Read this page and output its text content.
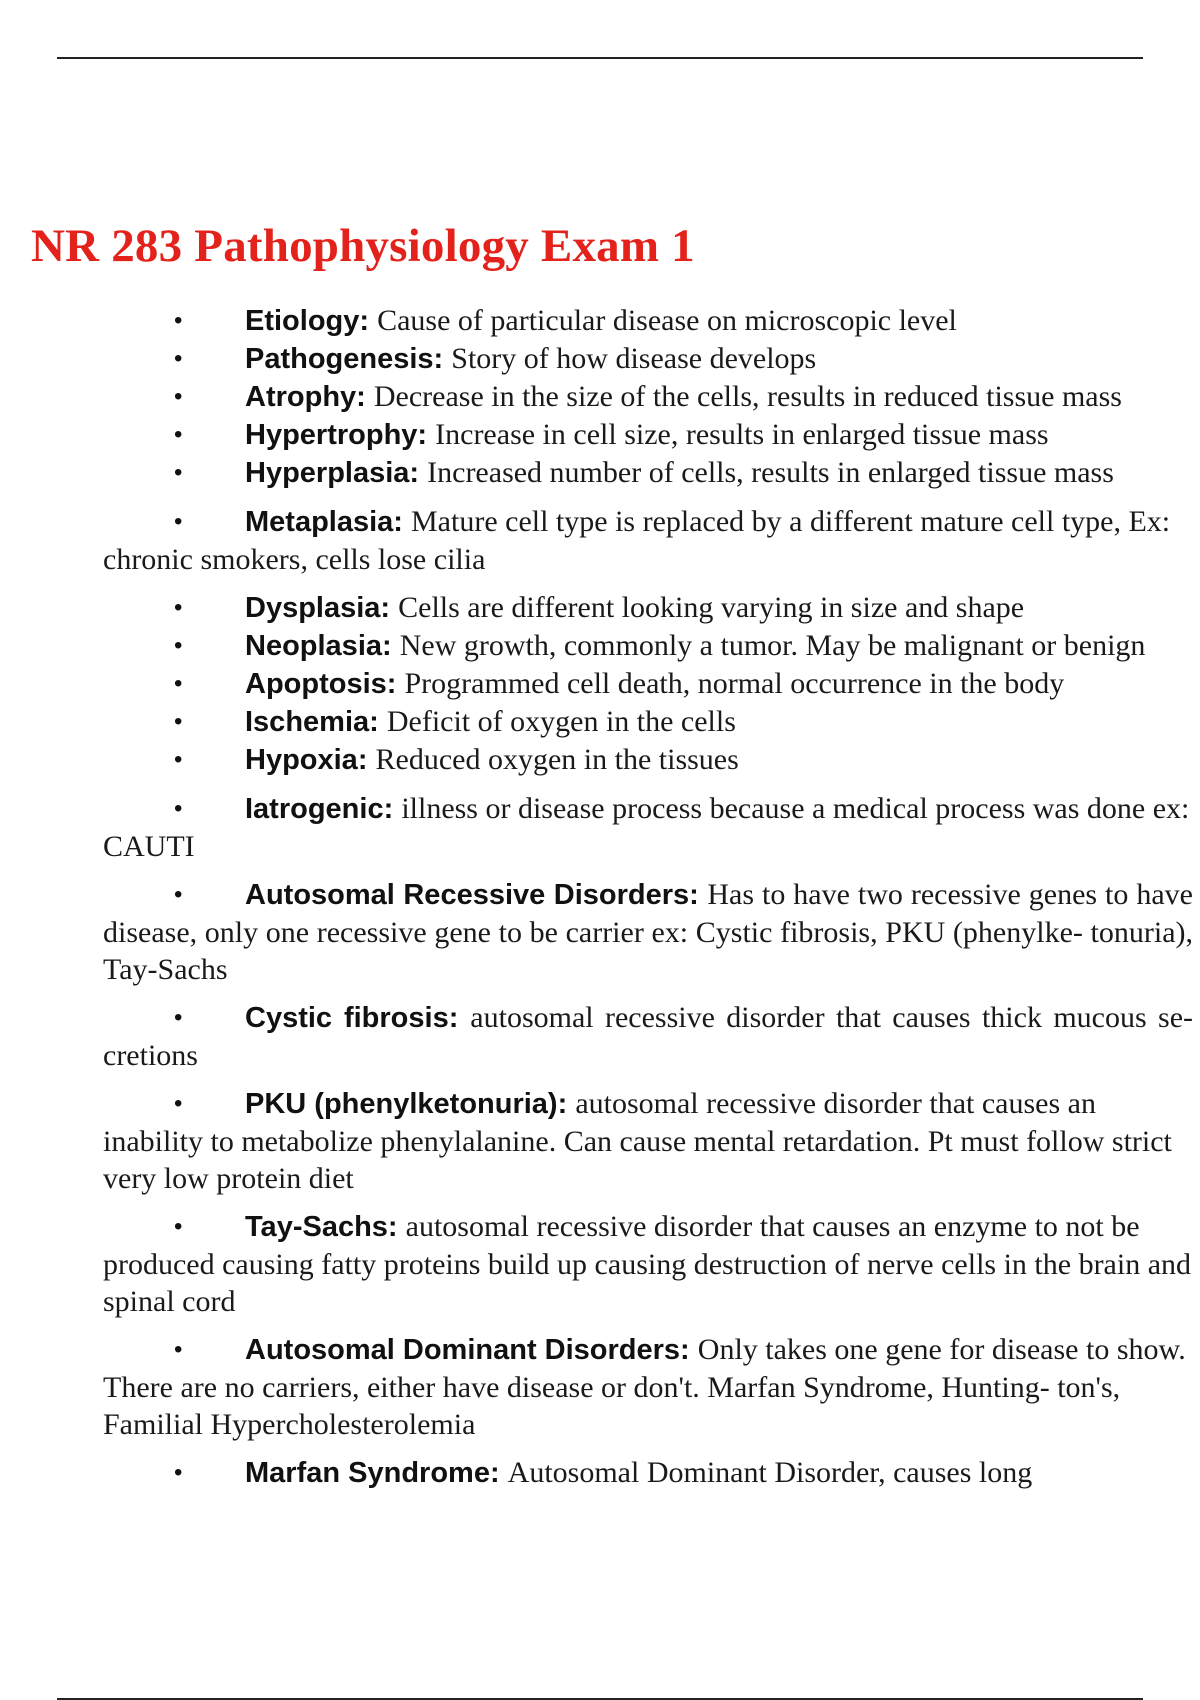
NR 283 Pathophysiology Exam 1
• Etiology: Cause of particular disease on microscopic level
• Pathogenesis: Story of how disease develops
• Atrophy: Decrease in the size of the cells, results in reduced tissue mass
• Hypertrophy: Increase in cell size, results in enlarged tissue mass
• Hyperplasia: Increased number of cells, results in enlarged tissue mass
• Metaplasia: Mature cell type is replaced by a different mature cell type, Ex: chronic smokers, cells lose cilia
• Dysplasia: Cells are different looking varying in size and shape
• Neoplasia: New growth, commonly a tumor. May be malignant or benign
• Apoptosis: Programmed cell death, normal occurrence in the body
• Ischemia: Deficit of oxygen in the cells
• Hypoxia: Reduced oxygen in the tissues
• Iatrogenic: illness or disease process because a medical process was done ex: CAUTI
• Autosomal Recessive Disorders: Has to have two recessive genes to have disease, only one recessive gene to be carrier ex: Cystic fibrosis, PKU (phenylke- tonuria), Tay-Sachs
• Cystic fibrosis: autosomal recessive disorder that causes thick mucous se- cretions
• PKU (phenylketonuria): autosomal recessive disorder that causes an inability to metabolize phenylalanine. Can cause mental retardation. Pt must follow strict very low protein diet
• Tay-Sachs: autosomal recessive disorder that causes an enzyme to not be produced causing fatty proteins build up causing destruction of nerve cells in the brain and spinal cord
• Autosomal Dominant Disorders: Only takes one gene for disease to show. There are no carriers, either have disease or don't. Marfan Syndrome, Hunting- ton's, Familial Hypercholesterolemia
• Marfan Syndrome: Autosomal Dominant Disorder, causes long
